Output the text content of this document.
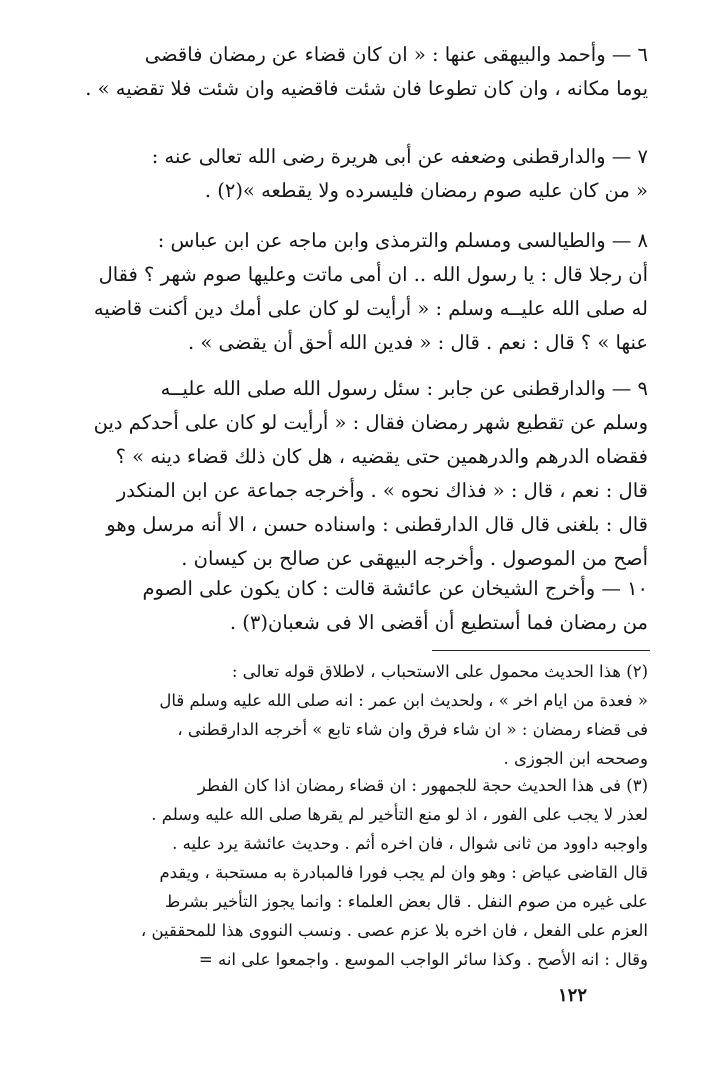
٦ — وأحمد والبيهقى عنها : « ان كان قضاء عن رمضان فاقضى
يوما مكانه ، وان كان تطوعا فان شئت فاقضيه وان شئت فلا تقضيه » .

٧ — والدارقطنى وضعفه عن أبى هريرة رضى الله تعالى عنه :
« من كان عليه صوم رمضان فليسرده ولا يقطعه »(٢) .

٨ — والطيالسى ومسلم والترمذى وابن ماجه عن ابن عباس :
أن رجلا قال : يا رسول الله .. ان أمى ماتت وعليها صوم شهر ؟ فقال
له صلى الله عليــه وسلم : « أرأيت لو كان على أمك دين أكنت قاضيه
عنها » ؟ قال : نعم . قال : « فدين الله أحق أن يقضى » .

٩ — والدارقطنى عن جابر : سئل رسول الله صلى الله عليــه
وسلم عن تقطيع شهر رمضان فقال : « أرأيت لو كان على أحدكم دين
فقضاه الدرهم والدرهمين حتى يقضيه ، هل كان ذلك قضاء دينه » ؟
قال : نعم ، قال : « فذاك نحوه » . وأخرجه جماعة عن ابن المنكدر
قال : بلغنى قال قال الدارقطنى : واسناده حسن ، الا أنه مرسل وهو
أصح من الموصول . وأخرجه البيهقى عن صالح بن كيسان .

١٠ — وأخرج الشيخان عن عائشة قالت : كان يكون على الصوم
من رمضان فما أستطيع أن أقضى الا فى شعبان(٣) .

(٢) هذا الحديث محمول على الاستحباب ، لاطلاق قوله تعالى :
« فعدة من ايام اخر » ، ولحديث ابن عمر : انه صلى الله عليه وسلم قال
فى قضاء رمضان : « ان شاء فرق وان شاء تابع » أخرجه الدارقطنى ،
وصححه ابن الجوزى .

(٣) فى هذا الحديث حجة للجمهور : ان قضاء رمضان اذا كان الفطر
لعذر لا يجب على الفور ، اذ لو منع التأخير لم يقرها صلى الله عليه وسلم .
واوجبه داوود من ثانى شوال ، فان اخره أثم . وحديث عائشة يرد عليه .
قال القاضى عياض : وهو وان لم يجب فورا فالمبادرة به مستحبة ، ويقدم
على غيره من صوم النفل . قال بعض العلماء : وانما يجوز التأخير بشرط
العزم على الفعل ، فان اخره بلا عزم عصى . ونسب النووى هذا للمحققين ،
وقال : انه الأصح . وكذا سائر الواجب الموسع . واجمعوا على انه =

١٢٢
